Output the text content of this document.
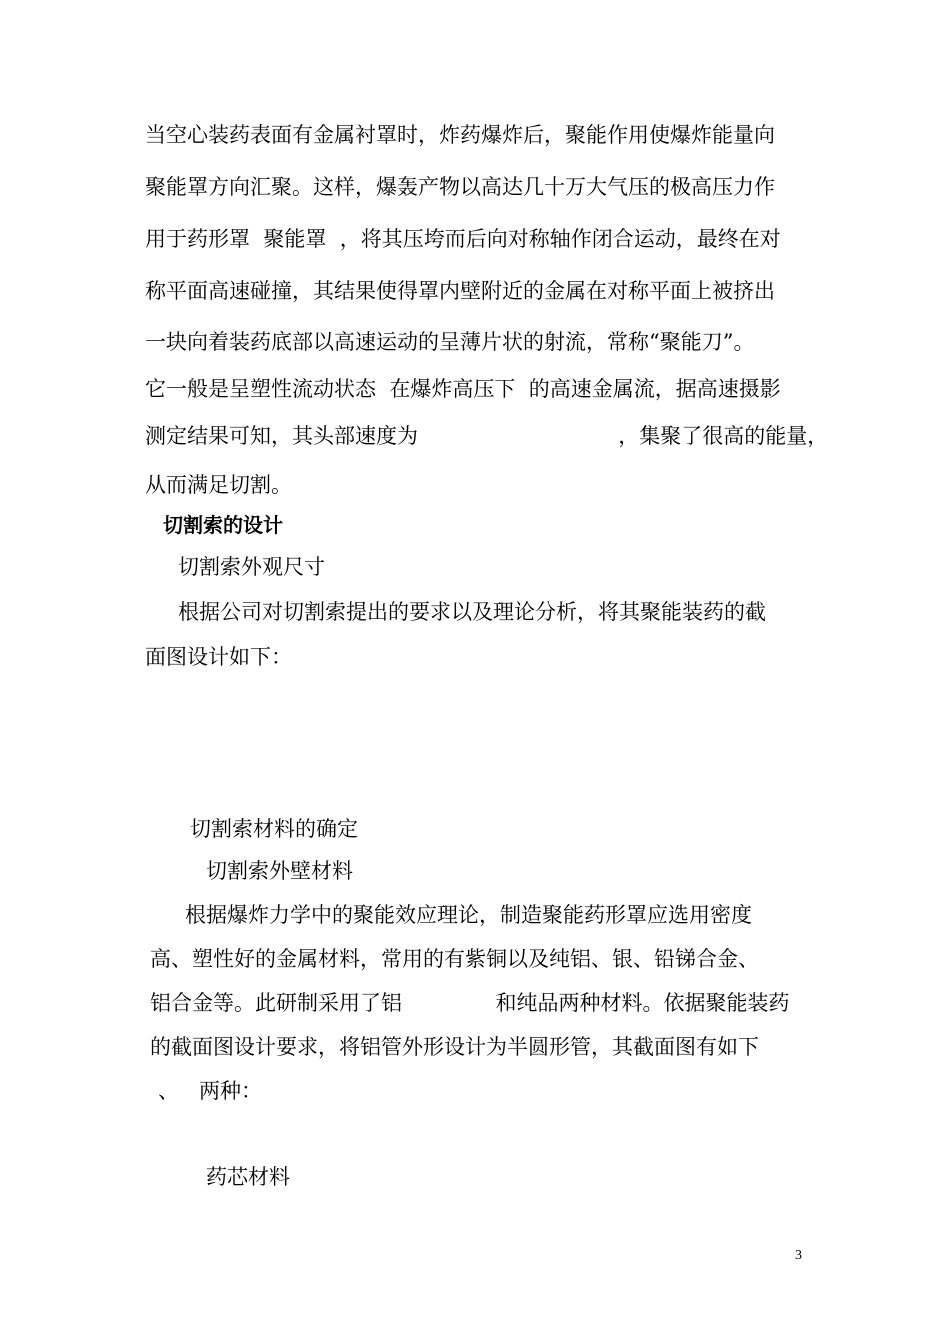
当空心装药表面有金属衬罩时，炸药爆炸后，聚能作用使爆炸能量向
聚能罩方向汇聚。这样，爆轰产物以高达几十万大气压的极高压力作
用于药形罩  聚能罩  ，将其压垮而后向对称轴作闭合运动，最终在对
称平面高速碰撞，其结果使得罩内壁附近的金属在对称平面上被挤出
一块向着装药底部以高速运动的呈薄片状的射流，常称“聚能刀”。
它一般是呈塑性流动状态  在爆炸高压下  的高速金属流，据高速摄影
测定结果可知，其头部速度为                              ，集聚了很高的能量，
从而满足切割。
切割索的设计
切割索外观尺寸
根据公司对切割索提出的要求以及理论分析，将其聚能装药的截
面图设计如下：
切割索材料的确定
切割索外壁材料
根据爆炸力学中的聚能效应理论，制造聚能药形罩应选用密度
高、塑性好的金属材料，常用的有紫铜以及纯铝、银、铅锑合金、
铝合金等。此研制采用了铝              和纯品两种材料。依据聚能装药
的截面图设计要求，将铝管外形设计为半圆形管，其截面图有如下
、   两种：
药芯材料
3
